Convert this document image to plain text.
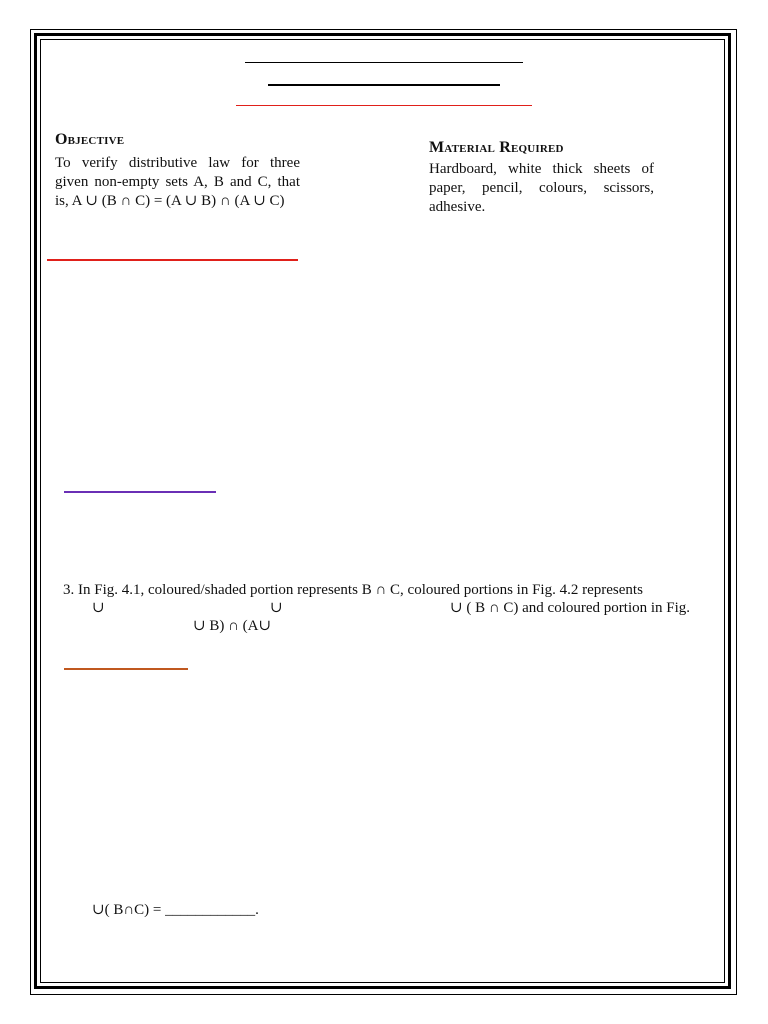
Objective
To verify distributive law for three
given non-empty sets A, B and C, that
is, A ∪ (B ∩ C) = (A ∪ B) ∩ (A ∪ C)
Material Required
Hardboard, white thick sheets of
paper, pencil, colours, scissors,
adhesive.
3. In Fig. 4.1, coloured/shaded portion represents B ∩ C, coloured portions in Fig. 4.2 represents
∪	∪	∪ ( B ∩ C) and coloured portion in Fig.
∪ B) ∩ (A∪
∪( B∩C) = ____________.
